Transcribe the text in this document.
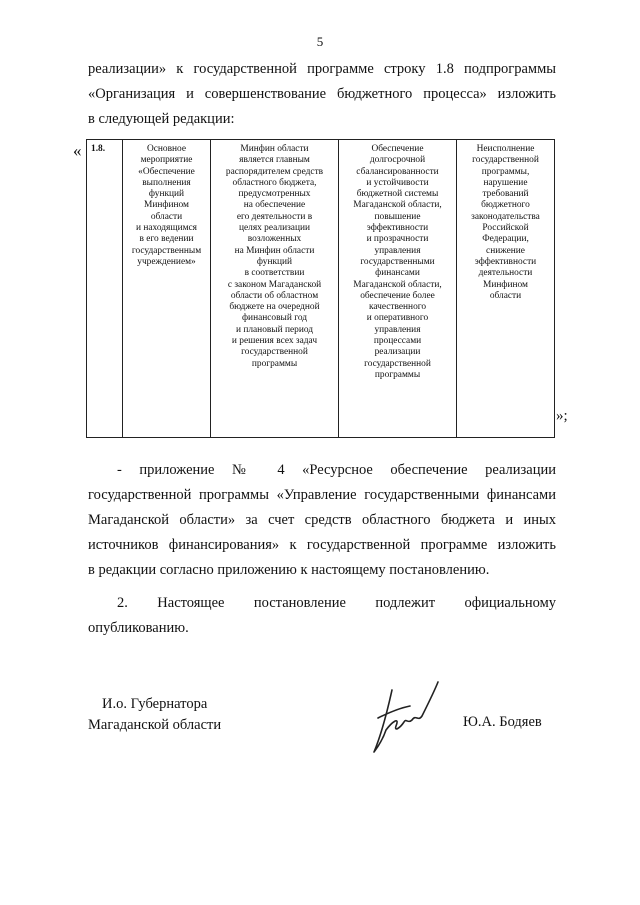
5
реализации» к государственной программе строку 1.8 подпрограммы
«Организация и совершенствование бюджетного процесса» изложить
в следующей редакции:
« 1.8.	Основное
мероприятие
«Обеспечение
выполнения
функций
Минфином
области
и находящимся
в его ведении
государственным
учреждением»	Минфин области
является главным
распорядителем средств
областного бюджета,
предусмотренных
на обеспечение
его деятельности в
целях реализации
возложенных
на Минфин области
функций
в соответствии
с законом Магаданской
области об областном
бюджете на очередной
финансовый год
и плановый период
и решения всех задач
государственной
программы	Обеспечение
долгосрочной
сбалансированности
и устойчивости
бюджетной системы
Магаданской области,
повышение
эффективности
и прозрачности
управления
государственными
финансами
Магаданской области,
обеспечение более
качественного
и оперативного
управления
процессами
реализации
государственной
программы	Неисполнение
государственной
программы,
нарушение
требований
бюджетного
законодательства
Российской
Федерации,
снижение
эффективности
деятельности
Минфином
области
»;
- приложение № 4 «Ресурсное обеспечение реализации
государственной программы «Управление государственными финансами
Магаданской области» за счет средств областного бюджета и иных
источников финансирования» к государственной программе изложить
в редакции согласно приложению к настоящему постановлению.
2. Настоящее постановление подлежит официальному
опубликованию.
И.о. Губернатора
Магаданской области	Ю.А. Бодяев
